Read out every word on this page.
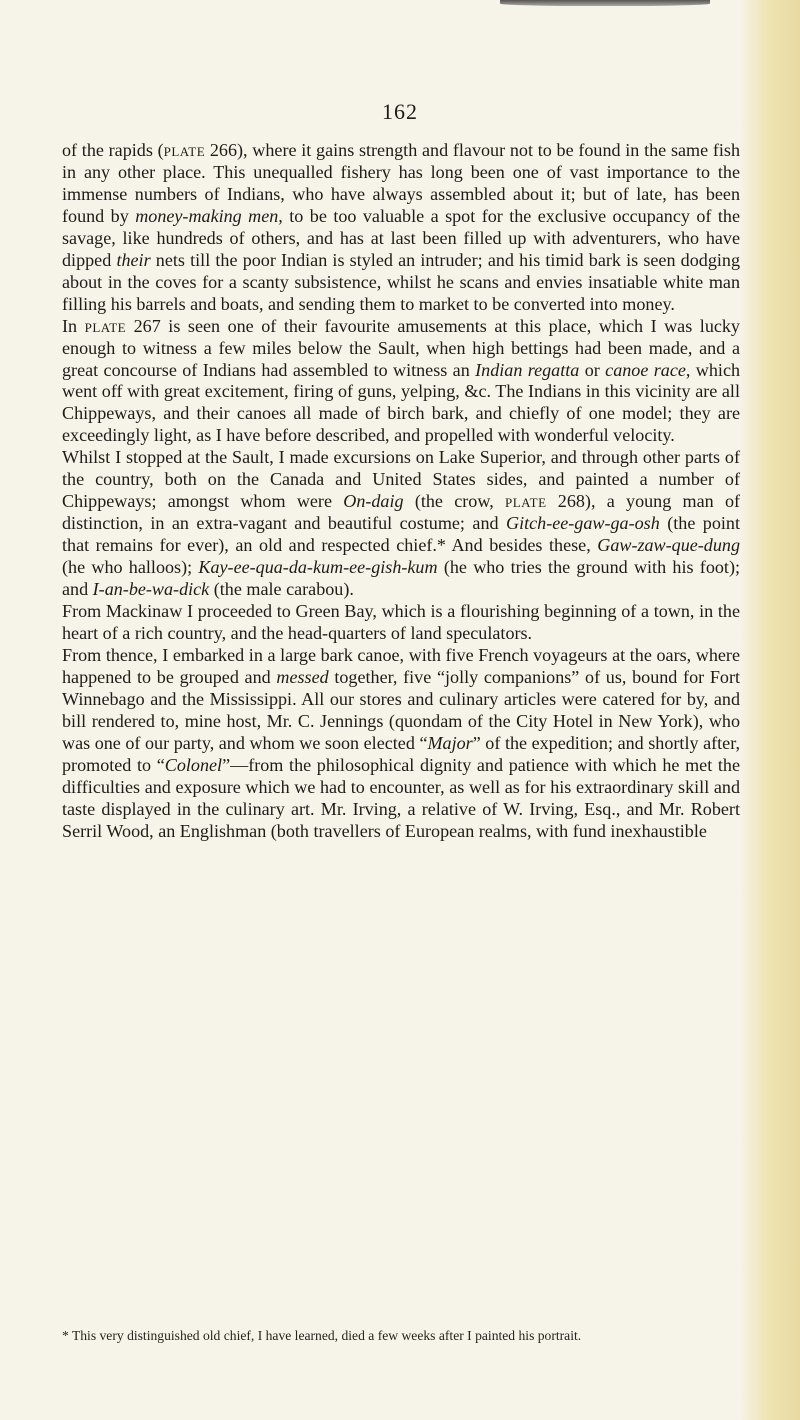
162

of the rapids (plate 266), where it gains strength and flavour not to be found in the same fish in any other place. This unequalled fishery has long been one of vast importance to the immense numbers of Indians, who have always assembled about it; but of late, has been found by money-making men, to be too valuable a spot for the exclusive occupancy of the savage, like hundreds of others, and has at last been filled up with adventurers, who have dipped their nets till the poor Indian is styled an intruder; and his timid bark is seen dodging about in the coves for a scanty subsistence, whilst he scans and envies insatiable white man filling his barrels and boats, and sending them to market to be converted into money.

In plate 267 is seen one of their favourite amusements at this place, which I was lucky enough to witness a few miles below the Sault, when high bettings had been made, and a great concourse of Indians had assembled to witness an Indian regatta or canoe race, which went off with great excitement, firing of guns, yelping, &c. The Indians in this vicinity are all Chippeways, and their canoes all made of birch bark, and chiefly of one model; they are exceedingly light, as I have before described, and propelled with wonderful velocity.

Whilst I stopped at the Sault, I made excursions on Lake Superior, and through other parts of the country, both on the Canada and United States sides, and painted a number of Chippeways; amongst whom were On-daig (the crow, plate 268), a young man of distinction, in an extra-vagant and beautiful costume; and Gitch-ee-gaw-ga-osh (the point that remains for ever), an old and respected chief.* And besides these, Gaw-zaw-que-dung (he who halloos); Kay-ee-qua-da-kum-ee-gish-kum (he who tries the ground with his foot); and I-an-be-wa-dick (the male carabou).

From Mackinaw I proceeded to Green Bay, which is a flourishing beginning of a town, in the heart of a rich country, and the head-quarters of land speculators.

From thence, I embarked in a large bark canoe, with five French voyageurs at the oars, where happened to be grouped and messed together, five “jolly companions” of us, bound for Fort Winnebago and the Mississippi. All our stores and culinary articles were catered for by, and bill rendered to, mine host, Mr. C. Jennings (quondam of the City Hotel in New York), who was one of our party, and whom we soon elected “Major” of the expedition; and shortly after, promoted to “Colonel”—from the philosophical dignity and patience with which he met the difficulties and exposure which we had to encounter, as well as for his extraordinary skill and taste displayed in the culinary art. Mr. Irving, a relative of W. Irving, Esq., and Mr. Robert Serril Wood, an Englishman (both travellers of European realms, with fund inexhaustible

* This very distinguished old chief, I have learned, died a few weeks after I painted his portrait.
